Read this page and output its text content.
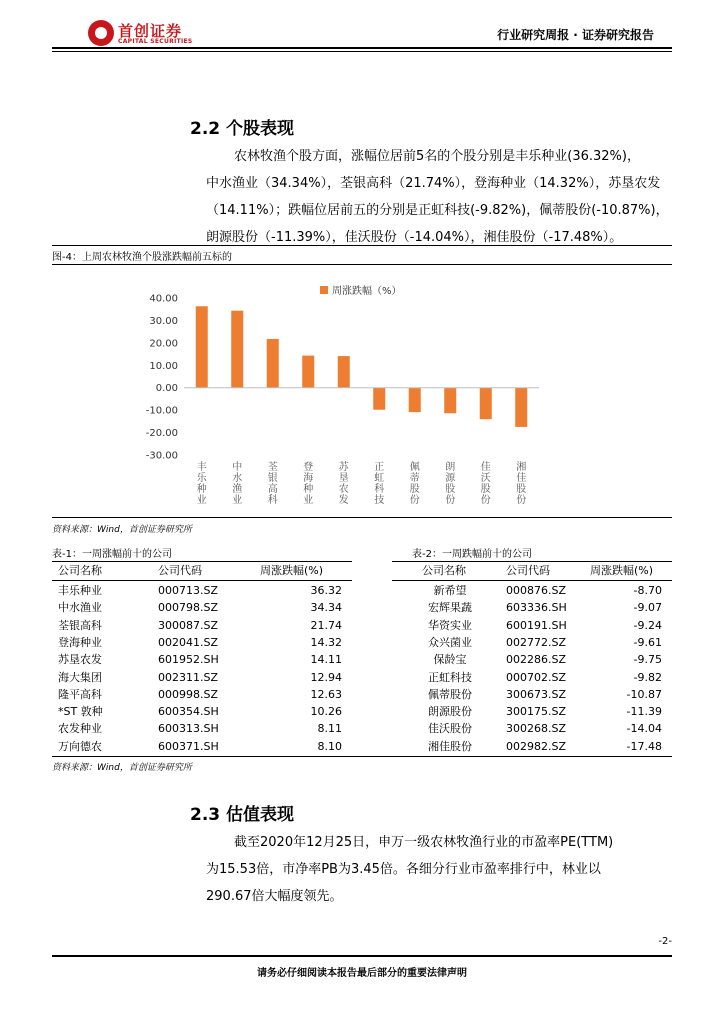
首创证券
CAPITAL SECURITIES	行业研究周报 · 证券研究报告
2.2 个股表现
农林牧渔个股方面，涨幅位居前5名的个股分别是丰乐种业(36.32%)，
中水渔业（34.34%），荃银高科（21.74%），登海种业（14.32%），苏垦农发
（14.11%）；跌幅位居前五的分别是正虹科技(-9.82%)，佩蒂股份(-10.87%)，
朗源股份（-11.39%），佳沃股份（-14.04%），湘佳股份（-17.48%）。
图-4：上周农林牧渔个股涨跌幅前五标的
周涨跌幅（%）
40.00
30.00
20.00
10.00
0.00
-10.00
-20.00
-30.00
丰乐种业
中水渔业
荃银高科
登海种业
苏垦农发
正虹科技
佩蒂股份
朗源股份
佳沃股份
湘佳股份
资料来源：Wind，首创证券研究所
表-1：一周涨幅前十的公司	表-2：一周跌幅前十的公司
公司名称	公司代码	周涨跌幅(%)
丰乐种业	000713.SZ	36.32
中水渔业	000798.SZ	34.34
荃银高科	300087.SZ	21.74
登海种业	002041.SZ	14.32
苏垦农发	601952.SH	14.11
海大集团	002311.SZ	12.94
隆平高科	000998.SZ	12.63
*ST 敦种	600354.SH	10.26
农发种业	600313.SH	8.11
万向德农	600371.SH	8.10
公司名称	公司代码	周涨跌幅(%)
新希望	000876.SZ	-8.70
宏辉果蔬	603336.SH	-9.07
华资实业	600191.SH	-9.24
众兴菌业	002772.SZ	-9.61
保龄宝	002286.SZ	-9.75
正虹科技	000702.SZ	-9.82
佩蒂股份	300673.SZ	-10.87
朗源股份	300175.SZ	-11.39
佳沃股份	300268.SZ	-14.04
湘佳股份	002982.SZ	-17.48
资料来源：Wind，首创证券研究所
2.3 估值表现
截至2020年12月25日，申万一级农林牧渔行业的市盈率PE(TTM)
为15.53倍，市净率PB为3.45倍。各细分行业市盈率排行中，林业以
290.67倍大幅度领先。
-2-
请务必仔细阅读本报告最后部分的重要法律声明
